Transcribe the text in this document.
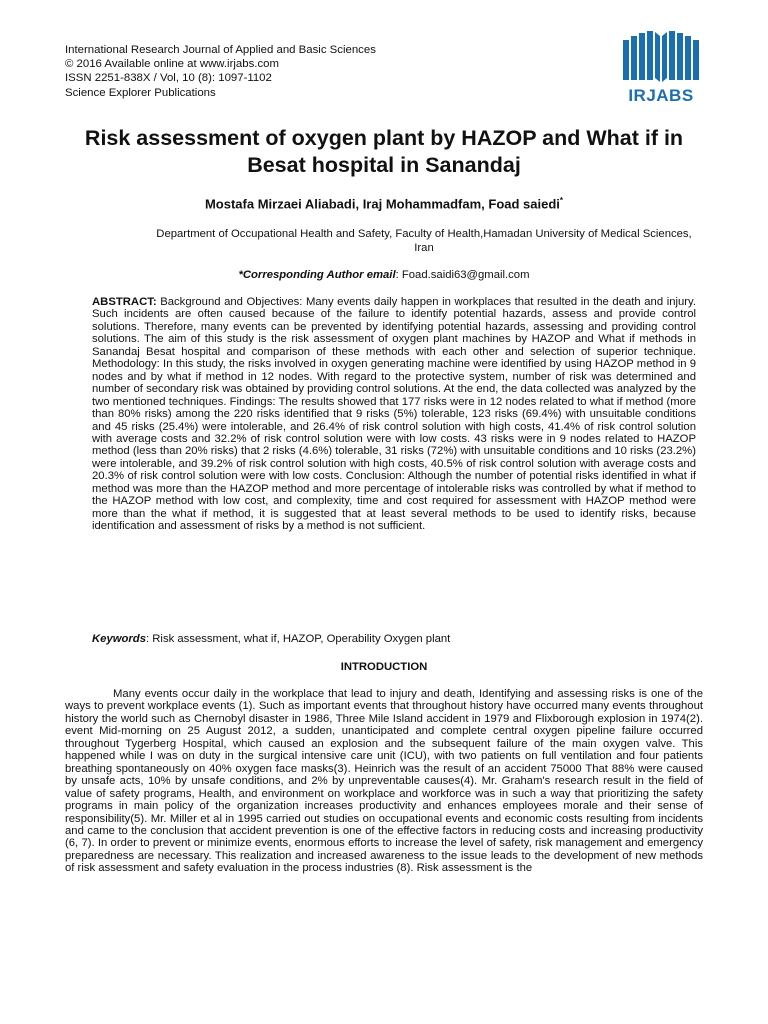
International Research Journal of Applied and Basic Sciences
© 2016 Available online at www.irjabs.com
ISSN 2251-838X / Vol, 10 (8): 1097-1102
Science Explorer Publications	IRJABS
Risk assessment of oxygen plant by HAZOP and What if in Besat hospital in Sanandaj
Mostafa Mirzaei Aliabadi, Iraj Mohammadfam, Foad saiedi*
Department of Occupational Health and Safety, Faculty of Health,Hamadan University of Medical Sciences, Iran
*Corresponding Author email: Foad.saidi63@gmail.com
ABSTRACT: Background and Objectives: Many events daily happen in workplaces that resulted in the death and injury. Such incidents are often caused because of the failure to identify potential hazards, assess and provide control solutions. Therefore, many events can be prevented by identifying potential hazards, assessing and providing control solutions. The aim of this study is the risk assessment of oxygen plant machines by HAZOP and What if methods in Sanandaj Besat hospital and comparison of these methods with each other and selection of superior technique. Methodology: In this study, the risks involved in oxygen generating machine were identified by using HAZOP method in 9 nodes and by what if method in 12 nodes. With regard to the protective system, number of risk was determined and number of secondary risk was obtained by providing control solutions. At the end, the data collected was analyzed by the two mentioned techniques. Findings: The results showed that 177 risks were in 12 nodes related to what if method (more than 80% risks) among the 220 risks identified that 9 risks (5%) tolerable, 123 risks (69.4%) with unsuitable conditions and 45 risks (25.4%) were intolerable, and 26.4% of risk control solution with high costs, 41.4% of risk control solution with average costs and 32.2% of risk control solution were with low costs. 43 risks were in 9 nodes related to HAZOP method (less than 20% risks) that 2 risks (4.6%) tolerable, 31 risks (72%) with unsuitable conditions and 10 risks (23.2%) were intolerable, and 39.2% of risk control solution with high costs, 40.5% of risk control solution with average costs and 20.3% of risk control solution were with low costs. Conclusion: Although the number of potential risks identified in what if method was more than the HAZOP method and more percentage of intolerable risks was controlled by what if method to the HAZOP method with low cost, and complexity, time and cost required for assessment with HAZOP method were more than the what if method, it is suggested that at least several methods to be used to identify risks, because identification and assessment of risks by a method is not sufficient.
Keywords: Risk assessment, what if, HAZOP, Operability Oxygen plant
INTRODUCTION
Many events occur daily in the workplace that lead to injury and death, Identifying and assessing risks is one of the ways to prevent workplace events (1). Such as important events that throughout history have occurred many events throughout history the world such as Chernobyl disaster in 1986, Three Mile Island accident in 1979 and Flixborough explosion in 1974(2). event Mid-morning on 25 August 2012, a sudden, unanticipated and complete central oxygen pipeline failure occurred throughout Tygerberg Hospital, which caused an explosion and the subsequent failure of the main oxygen valve. This happened while I was on duty in the surgical intensive care unit (ICU), with two patients on full ventilation and four patients breathing spontaneously on 40% oxygen face masks(3). Heinrich was the result of an accident 75000 That 88% were caused by unsafe acts, 10% by unsafe conditions, and 2% by unpreventable causes(4). Mr. Graham's research result in the field of value of safety programs, Health, and environment on workplace and workforce was in such a way that prioritizing the safety programs in main policy of the organization increases productivity and enhances employees morale and their sense of responsibility(5). Mr. Miller et al in 1995 carried out studies on occupational events and economic costs resulting from incidents and came to the conclusion that accident prevention is one of the effective factors in reducing costs and increasing productivity (6, 7). In order to prevent or minimize events, enormous efforts to increase the level of safety, risk management and emergency preparedness are necessary. This realization and increased awareness to the issue leads to the development of new methods of risk assessment and safety evaluation in the process industries (8). Risk assessment is the
